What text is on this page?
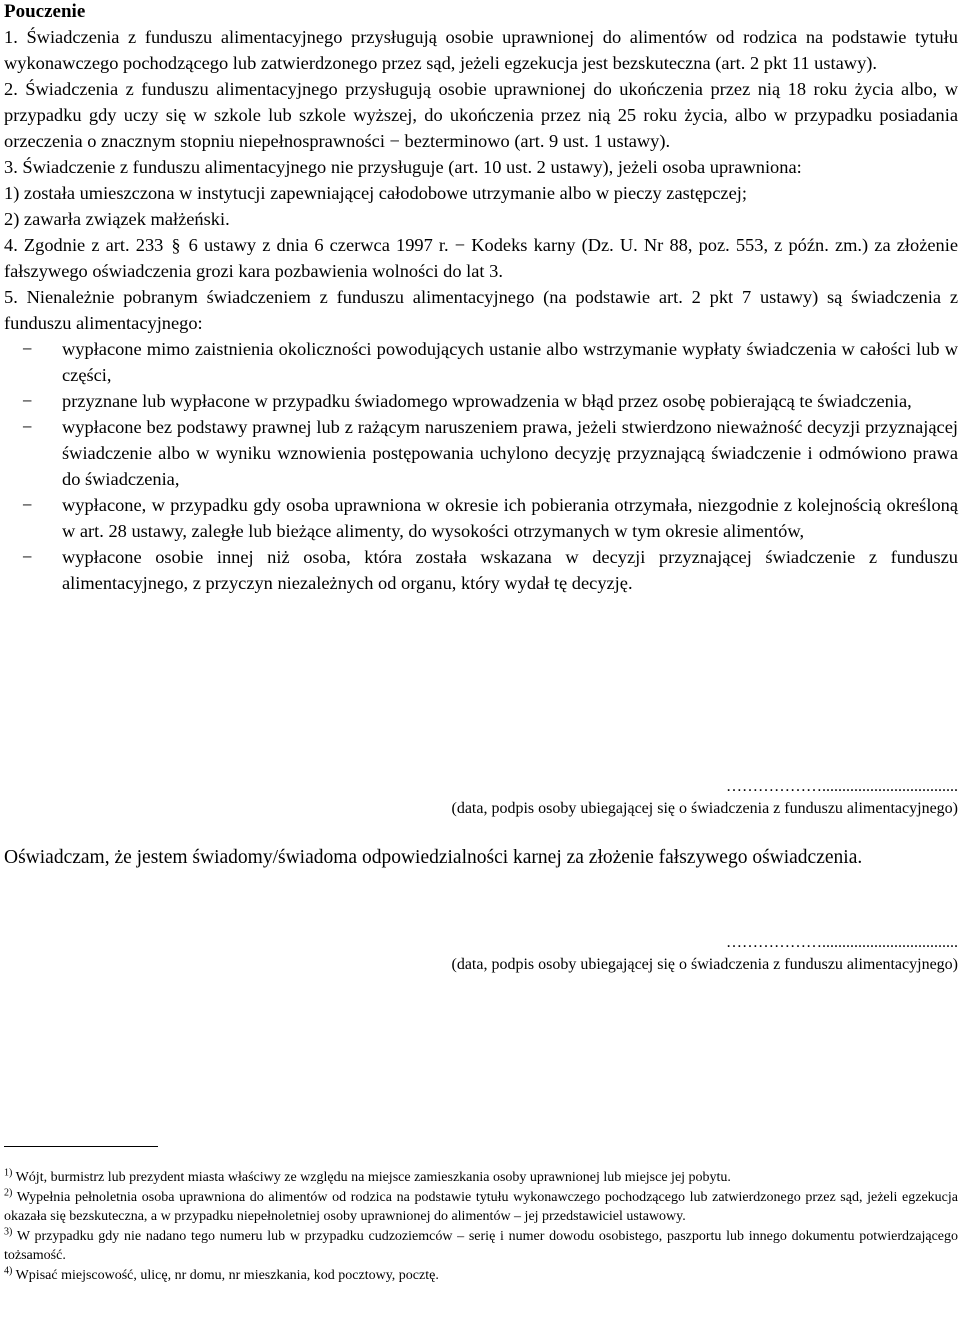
Pouczenie

1. Świadczenia z funduszu alimentacyjnego przysługują osobie uprawnionej do alimentów od rodzica na podstawie tytułu wykonawczego pochodzącego lub zatwierdzonego przez sąd, jeżeli egzekucja jest bezskuteczna (art. 2 pkt 11 ustawy).

2. Świadczenia z funduszu alimentacyjnego przysługują osobie uprawnionej do ukończenia przez nią 18 roku życia albo, w przypadku gdy uczy się w szkole lub szkole wyższej, do ukończenia przez nią 25 roku życia, albo w przypadku posiadania orzeczenia o znacznym stopniu niepełnosprawności − bezterminowo (art. 9 ust. 1 ustawy).

3. Świadczenie z funduszu alimentacyjnego nie przysługuje (art. 10 ust. 2 ustawy), jeżeli osoba uprawniona:

1) została umieszczona w instytucji zapewniającej całodobowe utrzymanie albo w pieczy zastępczej;

2) zawarła związek małżeński.

4. Zgodnie z art. 233 § 6 ustawy z dnia 6 czerwca 1997 r. − Kodeks karny (Dz. U. Nr 88, poz. 553, z późn. zm.) za złożenie fałszywego oświadczenia grozi kara pozbawienia wolności do lat 3.

5. Nienależnie pobranym świadczeniem z funduszu alimentacyjnego (na podstawie art. 2 pkt 7 ustawy) są świadczenia z funduszu alimentacyjnego:

− wypłacone mimo zaistnienia okoliczności powodujących ustanie albo wstrzymanie wypłaty świadczenia w całości lub w części,
− przyznane lub wypłacone w przypadku świadomego wprowadzenia w błąd przez osobę pobierającą te świadczenia,
− wypłacone bez podstawy prawnej lub z rażącym naruszeniem prawa, jeżeli stwierdzono nieważność decyzji przyznającej świadczenie albo w wyniku wznowienia postępowania uchylono decyzję przyznającą świadczenie i odmówiono prawa do świadczenia,
− wypłacone, w przypadku gdy osoba uprawniona w okresie ich pobierania otrzymała, niezgodnie z kolejnością określoną w art. 28 ustawy, zaległe lub bieżące alimenty, do wysokości otrzymanych w tym okresie alimentów,
− wypłacone osobie innej niż osoba, która została wskazana w decyzji przyznającej świadczenie z funduszu alimentacyjnego, z przyczyn niezależnych od organu, który wydał tę decyzję.
………………..................................
(data, podpis osoby ubiegającej się o świadczenia z funduszu alimentacyjnego)
Oświadczam, że jestem świadomy/świadoma odpowiedzialności karnej za złożenie fałszywego oświadczenia.
………………..................................
(data, podpis osoby ubiegającej się o świadczenia z funduszu alimentacyjnego)

$^{1)}$ Wójt, burmistrz lub prezydent miasta właściwy ze względu na miejsce zamieszkania osoby uprawnionej lub miejsce jej pobytu.

$^{2)}$ Wypełnia pełnoletnia osoba uprawniona do alimentów od rodzica na podstawie tytułu wykonawczego pochodzącego lub zatwierdzonego przez sąd, jeżeli egzekucja okazała się bezskuteczna, a w przypadku niepełnoletniej osoby uprawnionej do alimentów – jej przedstawiciel ustawowy.

$^{3)}$ W przypadku gdy nie nadano tego numeru lub w przypadku cudzoziemców – serię i numer dowodu osobistego, paszportu lub innego dokumentu potwierdzającego tożsamość.

$^{4)}$ Wpisać miejscowość, ulicę, nr domu, nr mieszkania, kod pocztowy, pocztę.
